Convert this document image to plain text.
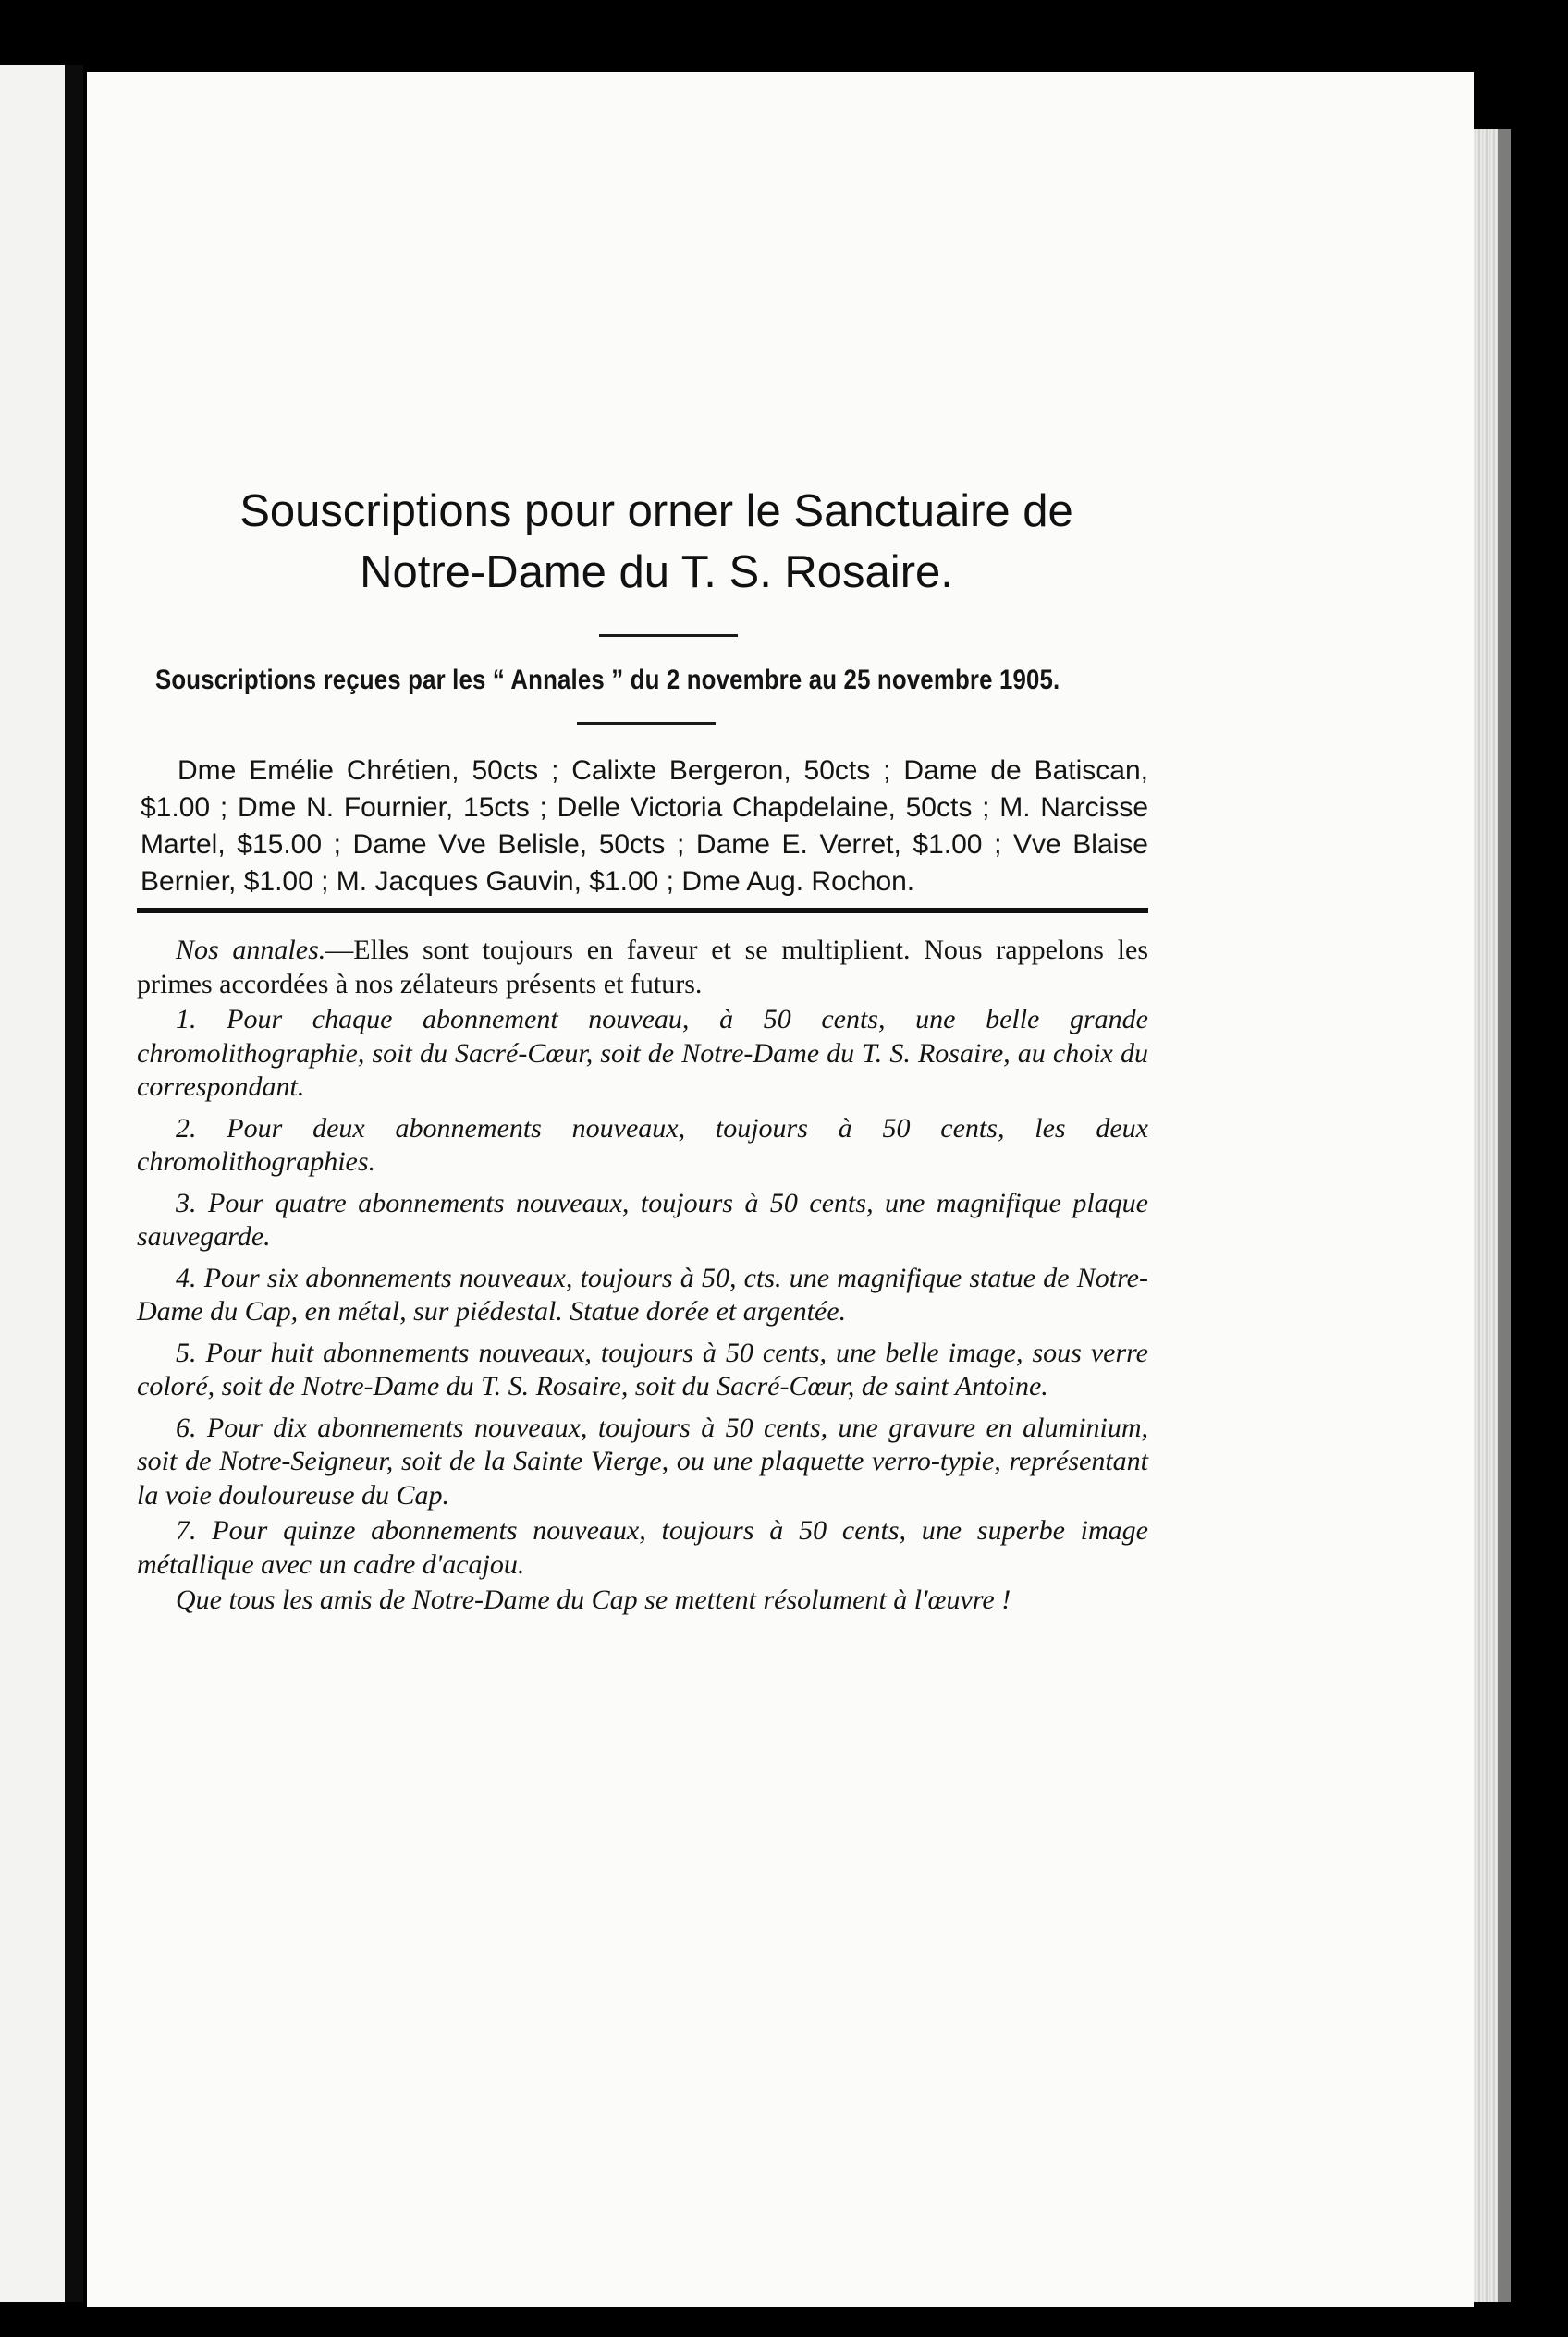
Souscriptions pour orner le Sanctuaire de
Notre-Dame du T. S. Rosaire.
Souscriptions reçues par les “ Annales ” du 2 novembre au 25 novembre 1905.
Dme Emélie Chrétien, 50cts ; Calixte Bergeron, 50cts ; Dame de Batiscan, $1.00 ; Dme N. Fournier, 15cts ; Delle Victoria Chapdelaine, 50cts ; M. Narcisse Martel, $15.00 ; Dame Vve Belisle, 50cts ; Dame E. Verret, $1.00 ; Vve Blaise Bernier, $1.00 ; M. Jacques Gauvin, $1.00 ; Dme Aug. Rochon.

Nos annales.—Elles sont toujours en faveur et se multiplient. Nous rappelons les primes accordées à nos zélateurs présents et futurs.

1. Pour chaque abonnement nouveau, à 50 cents, une belle grande chromolithographie, soit du Sacré-Cœur, soit de Notre-Dame du T. S. Rosaire, au choix du correspondant.

2. Pour deux abonnements nouveaux, toujours à 50 cents, les deux chromolithographies.

3. Pour quatre abonnements nouveaux, toujours à 50 cents, une magnifique plaque sauvegarde.

4. Pour six abonnements nouveaux, toujours à 50, cts. une magnifique statue de Notre-Dame du Cap, en métal, sur piédestal. Statue dorée et argentée.

5. Pour huit abonnements nouveaux, toujours à 50 cents, une belle image, sous verre coloré, soit de Notre-Dame du T. S. Rosaire, soit du Sacré-Cœur, de saint Antoine.

6. Pour dix abonnements nouveaux, toujours à 50 cents, une gravure en aluminium, soit de Notre-Seigneur, soit de la Sainte Vierge, ou une plaquette verro-typie, représentant la voie douloureuse du Cap.

7. Pour quinze abonnements nouveaux, toujours à 50 cents, une superbe image métallique avec un cadre d'acajou.

Que tous les amis de Notre-Dame du Cap se mettent résolument à l'œuvre !
